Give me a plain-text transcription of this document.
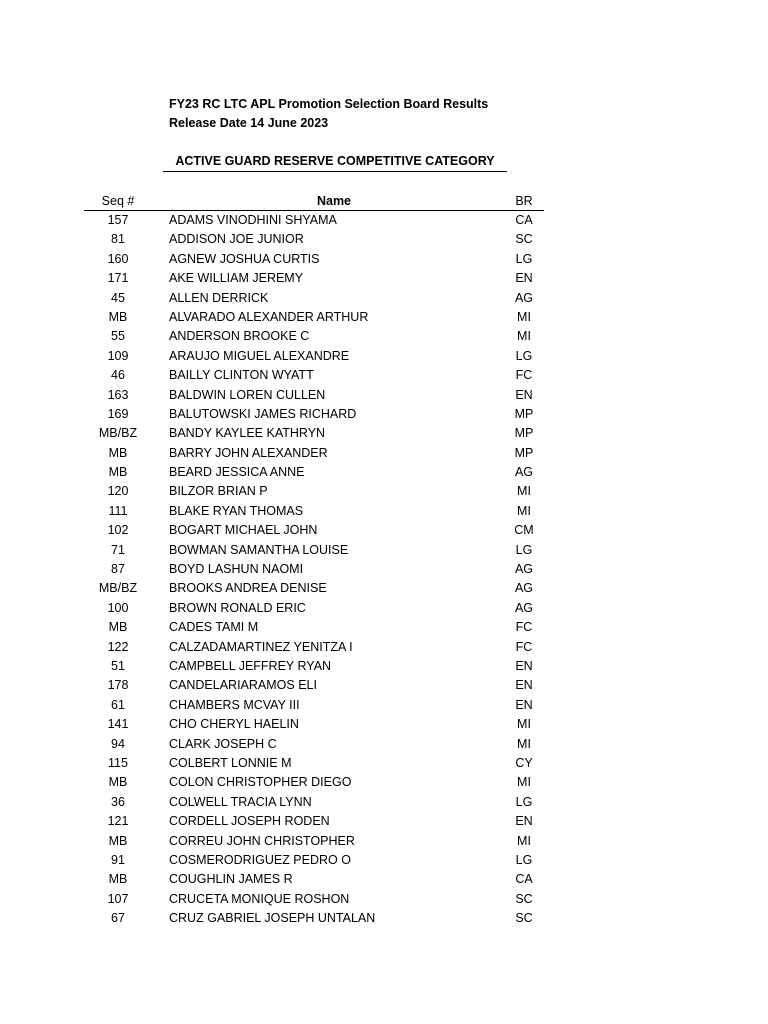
FY23 RC LTC APL Promotion Selection Board Results
Release Date 14 June 2023
ACTIVE GUARD RESERVE COMPETITIVE CATEGORY
Seq #	Name	BR
157	ADAMS VINODHINI SHYAMA	CA
81	ADDISON JOE JUNIOR	SC
160	AGNEW JOSHUA CURTIS	LG
171	AKE WILLIAM JEREMY	EN
45	ALLEN DERRICK	AG
MB	ALVARADO ALEXANDER ARTHUR	MI
55	ANDERSON BROOKE C	MI
109	ARAUJO MIGUEL ALEXANDRE	LG
46	BAILLY CLINTON WYATT	FC
163	BALDWIN LOREN CULLEN	EN
169	BALUTOWSKI JAMES RICHARD	MP
MB/BZ	BANDY KAYLEE KATHRYN	MP
MB	BARRY JOHN ALEXANDER	MP
MB	BEARD JESSICA ANNE	AG
120	BILZOR BRIAN P	MI
111	BLAKE RYAN THOMAS	MI
102	BOGART MICHAEL JOHN	CM
71	BOWMAN SAMANTHA LOUISE	LG
87	BOYD LASHUN NAOMI	AG
MB/BZ	BROOKS ANDREA DENISE	AG
100	BROWN RONALD ERIC	AG
MB	CADES TAMI M	FC
122	CALZADAMARTINEZ YENITZA I	FC
51	CAMPBELL JEFFREY RYAN	EN
178	CANDELARIARAMOS ELI	EN
61	CHAMBERS MCVAY III	EN
141	CHO CHERYL HAELIN	MI
94	CLARK JOSEPH C	MI
115	COLBERT LONNIE M	CY
MB	COLON CHRISTOPHER DIEGO	MI
36	COLWELL TRACIA LYNN	LG
121	CORDELL JOSEPH RODEN	EN
MB	CORREU JOHN CHRISTOPHER	MI
91	COSMERODRIGUEZ PEDRO O	LG
MB	COUGHLIN JAMES R	CA
107	CRUCETA MONIQUE ROSHON	SC
67	CRUZ GABRIEL JOSEPH UNTALAN	SC
